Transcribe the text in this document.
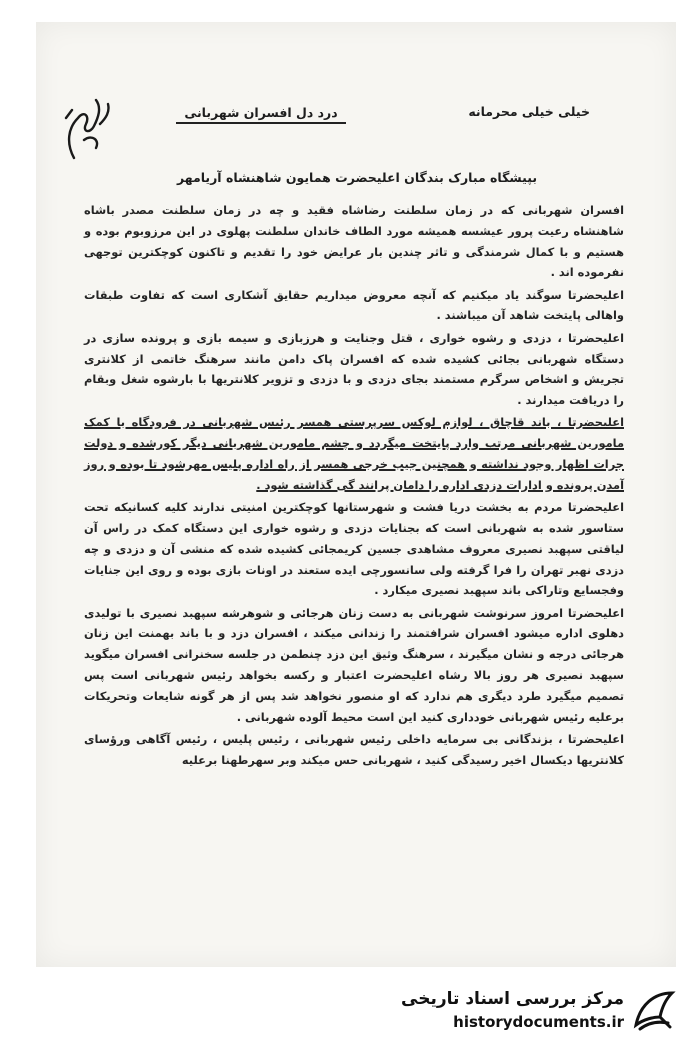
خیلی خیلی محرمانه
درد دل افسران شهربانی
بپیشگاه مبارک بندگان اعلیحضرت همایون شاهنشاه آریامهر

افسران شهربانی که در زمان سلطنت رضاشاه فقید و چه در زمان سلطنت مصدر باشاه شاهنشاه رعیت پرور عیشسه همیشه مورد الطاف خاندان سلطنت پهلوی در این مرزوبوم بوده و هستیم و با کمال شرمندگی و تاثر چندین بار عرایض خود را تقدیم و تاکنون کوچکترین توجهی نفرموده اند .

اعلیحضرتا سوگند یاد میکنیم که آنچه معروض میداریم حقایق آشکاری است که تفاوت طبقات واهالی پایتخت شاهد آن میباشند .

اعلیحضرتا ، دزدی و رشوه خواری ، قتل وجنایت و هرزبازی و سیمه بازی و پرونده سازی در دستگاه شهربانی بجائی کشیده شده که افسران پاک دامن مانند سرهنگ خاتمی از کلانتری تجریش و اشخاص سرگرم مستمند بجای دزدی و با دزدی و تزویر کلانتریها با بارشوه شغل وبقام را دریافت میدارند .

اعلیحضرتا ، باند قاچاق ، لوازم لوکس سرپرستی همسر رئیس شهربانی در فرودگاه با کمک مامورین شهربانی مرتب وارد پایتخت میگردد و چشم مامورین شهربانی دیگر کورشده و دولت جرات اظهار وجود نداشته و همچنین جیب خرجی همسر از راه اداره پلیس مهرشود تا بوده و روز آمدن پرونده و ادارات دزدی اداره را دامان پرانند گی گذاشته شود .

اعلیحضرتا مردم به بخشت دریا فشت و شهرستانها کوچکترین امنیتی ندارند کلیه کسانیکه تحت ستاسور شده به شهربانی است که بجنایات دزدی و رشوه خواری این دستگاه کمک در راس آن لیاقتی سپهبد نصیری معروف مشاهدی جسین کریمجائی کشیده شده که منشی آن و دزدی و چه دزدی نهبر تهران را فرا گرفته ولی سانسورچی ایده ستعند در اونات بازی بوده و روی این جنایات وفجسایع وتاراکی باند سپهبد نصیری میکارد .

اعلیحضرتا امروز سرنوشت شهربانی به دست زنان هرجائی و شوهرشه سپهبد نصیری با تولیدی دهلوی اداره میشود افسران شرافتمند را زندانی میکند ، افسران دزد و با باند بهمنت این زنان هرجائی درجه و نشان میگیرند ، سرهنگ وثیق این دزد چنطمن در جلسه سخنرانی افسران میگوید سپهبد نصیری هر روز بالا رشاه اعلیحضرت اعتبار و رکسه بخواهد رئیس شهربانی است پس تصمیم میگیرد طرد دیگری هم ندارد که او منصور نخواهد شد پس از هر گونه شایعات وتحریکات برعلیه رئیس شهربانی خودداری کنید این است محیط آلوده شهربانی .

اعلیحضرتا ، بزندگانی بی سرمایه داخلی رئیس شهربانی ، رئیس پلیس ، رئیس آگاهی ورؤسای کلانتریها دیکسال اخیر رسیدگی کنید ، شهربانی حس میکند وبر سهرطهنا برعلیه

مرکز بررسی اسناد تاریخی
historydocuments.ir
